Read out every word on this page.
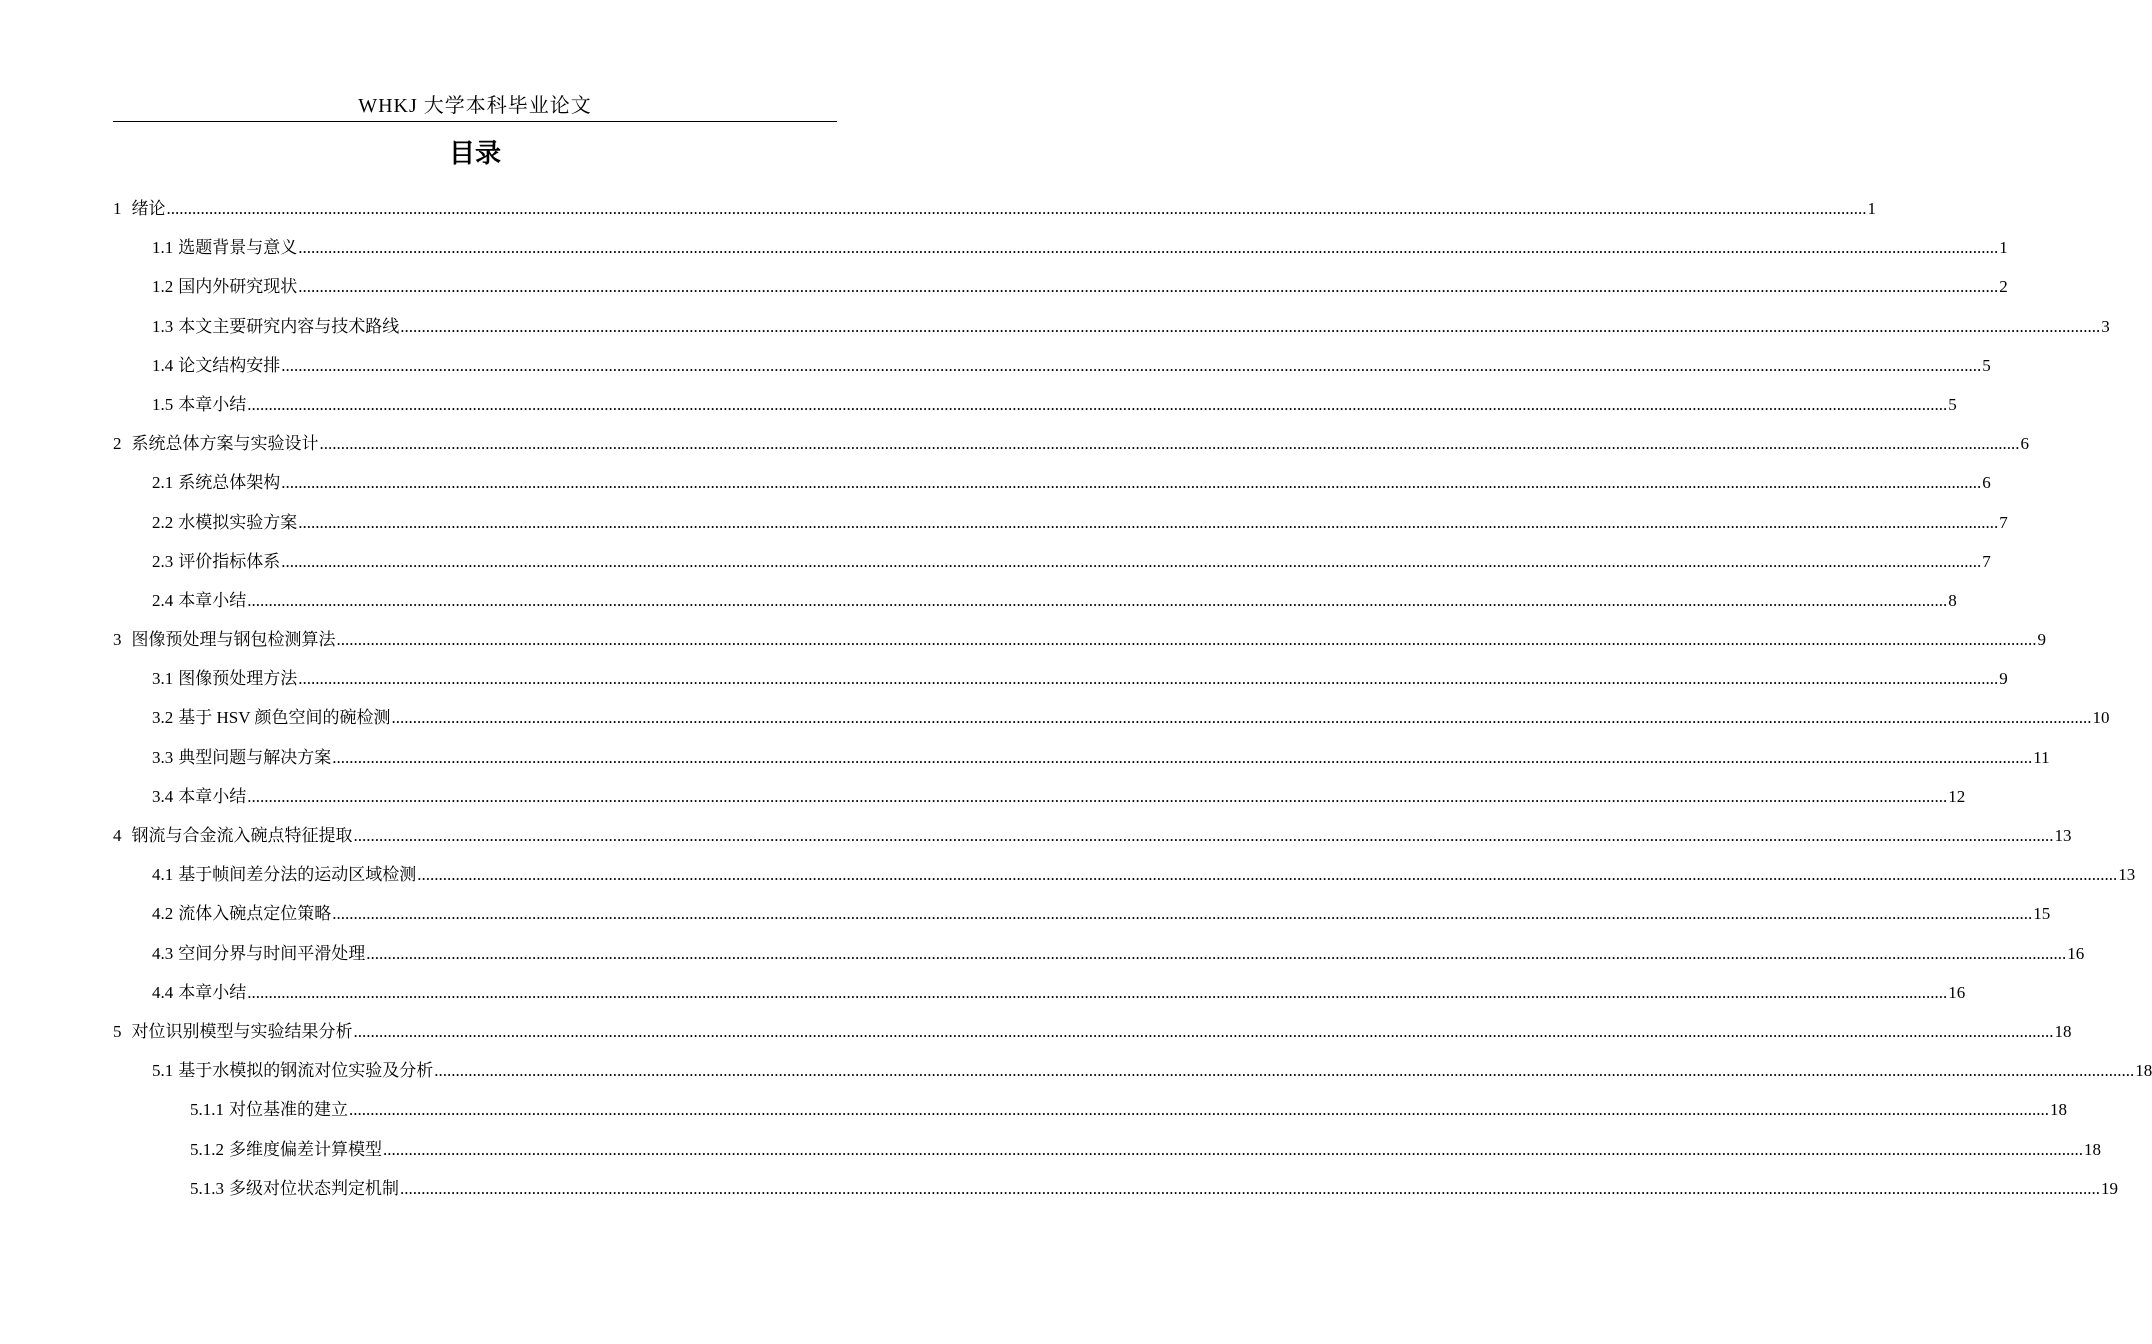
WHKJ 大学本科毕业论文
目录
1 绪论 ................................................................................................................................................................................................................................................................................................................................................................................................................ 1
1.1 选题背景与意义 ................................................................................................................................................................................................................................................................................................................................................................................................................ 1
1.2 国内外研究现状 ................................................................................................................................................................................................................................................................................................................................................................................................................ 2
1.3 本文主要研究内容与技术路线 ................................................................................................................................................................................................................................................................................................................................................................................................................ 3
1.4 论文结构安排 ................................................................................................................................................................................................................................................................................................................................................................................................................ 5
1.5 本章小结 ................................................................................................................................................................................................................................................................................................................................................................................................................ 5
2 系统总体方案与实验设计 ................................................................................................................................................................................................................................................................................................................................................................................................................ 6
2.1 系统总体架构 ................................................................................................................................................................................................................................................................................................................................................................................................................ 6
2.2 水模拟实验方案 ................................................................................................................................................................................................................................................................................................................................................................................................................ 7
2.3 评价指标体系 ................................................................................................................................................................................................................................................................................................................................................................................................................ 7
2.4 本章小结 ................................................................................................................................................................................................................................................................................................................................................................................................................ 8
3 图像预处理与钢包检测算法 ................................................................................................................................................................................................................................................................................................................................................................................................................ 9
3.1 图像预处理方法 ................................................................................................................................................................................................................................................................................................................................................................................................................ 9
3.2 基于 HSV 颜色空间的碗检测 ................................................................................................................................................................................................................................................................................................................................................................................................................ 10
3.3 典型问题与解决方案 ................................................................................................................................................................................................................................................................................................................................................................................................................ 11
3.4 本章小结 ................................................................................................................................................................................................................................................................................................................................................................................................................ 12
4 钢流与合金流入碗点特征提取 ................................................................................................................................................................................................................................................................................................................................................................................................................ 13
4.1 基于帧间差分法的运动区域检测 ................................................................................................................................................................................................................................................................................................................................................................................................................ 13
4.2 流体入碗点定位策略 ................................................................................................................................................................................................................................................................................................................................................................................................................ 15
4.3 空间分界与时间平滑处理 ................................................................................................................................................................................................................................................................................................................................................................................................................ 16
4.4 本章小结 ................................................................................................................................................................................................................................................................................................................................................................................................................ 16
5 对位识别模型与实验结果分析 ................................................................................................................................................................................................................................................................................................................................................................................................................ 18
5.1 基于水模拟的钢流对位实验及分析 ................................................................................................................................................................................................................................................................................................................................................................................................................ 18
5.1.1 对位基准的建立 ................................................................................................................................................................................................................................................................................................................................................................................................................ 18
5.1.2 多维度偏差计算模型 ................................................................................................................................................................................................................................................................................................................................................................................................................ 18
5.1.3 多级对位状态判定机制 ................................................................................................................................................................................................................................................................................................................................................................................................................ 19
